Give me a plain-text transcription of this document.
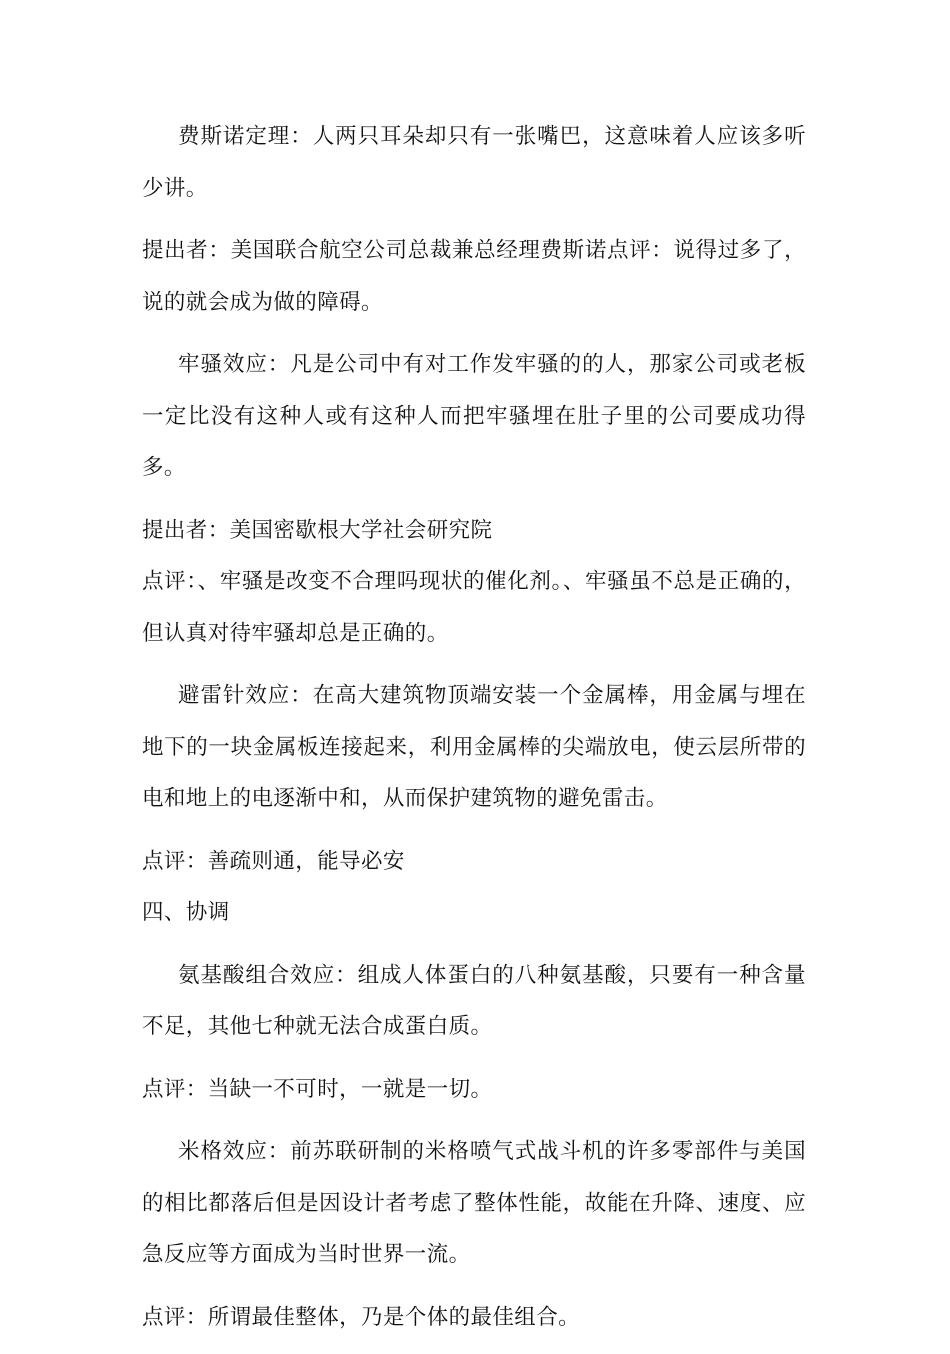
费斯诺定理：人两只耳朵却只有一张嘴巴，这意味着人应该多听少讲。

提出者：美国联合航空公司总裁兼总经理费斯诺点评：说得过多了，说的就会成为做的障碍。

牢骚效应：凡是公司中有对工作发牢骚的的人，那家公司或老板一定比没有这种人或有这种人而把牢骚埋在肚子里的公司要成功得多。

提出者：美国密歇根大学社会研究院

点评：、牢骚是改变不合理吗现状的催化剂。、牢骚虽不总是正确的，但认真对待牢骚却总是正确的。

避雷针效应：在高大建筑物顶端安装一个金属棒，用金属与埋在地下的一块金属板连接起来，利用金属棒的尖端放电，使云层所带的电和地上的电逐渐中和，从而保护建筑物的避免雷击。

点评：善疏则通，能导必安

四、协调

氨基酸组合效应：组成人体蛋白的八种氨基酸，只要有一种含量不足，其他七种就无法合成蛋白质。

点评：当缺一不可时，一就是一切。

米格效应：前苏联研制的米格喷气式战斗机的许多零部件与美国的相比都落后但是因设计者考虑了整体性能，故能在升降、速度、应急反应等方面成为当时世界一流。

点评：所谓最佳整体，乃是个体的最佳组合。
